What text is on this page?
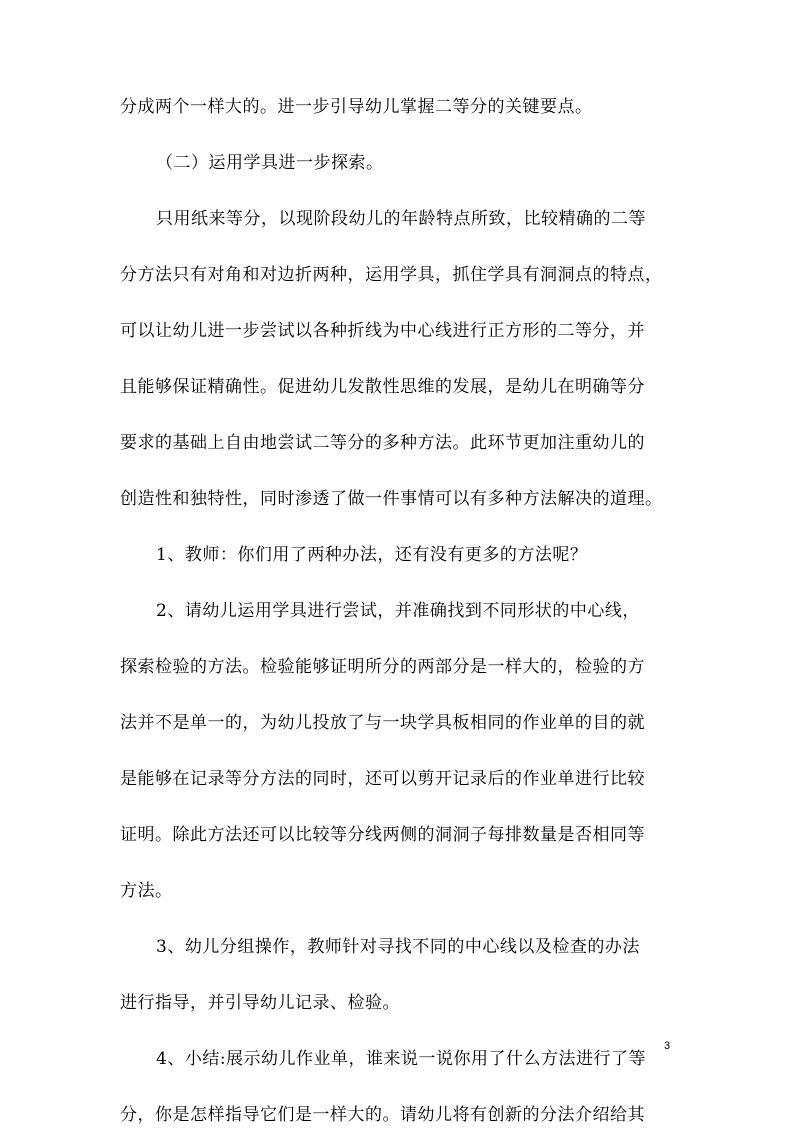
分成两个一样大的。进一步引导幼儿掌握二等分的关键要点。
（二）运用学具进一步探索。
只用纸来等分，以现阶段幼儿的年龄特点所致，比较精确的二等
分方法只有对角和对边折两种，运用学具，抓住学具有洞洞点的特点，
可以让幼儿进一步尝试以各种折线为中心线进行正方形的二等分，并
且能够保证精确性。促进幼儿发散性思维的发展，是幼儿在明确等分
要求的基础上自由地尝试二等分的多种方法。此环节更加注重幼儿的
创造性和独特性，同时渗透了做一件事情可以有多种方法解决的道理。
1、教师：你们用了两种办法，还有没有更多的方法呢？
2、请幼儿运用学具进行尝试，并准确找到不同形状的中心线，
探索检验的方法。检验能够证明所分的两部分是一样大的，检验的方
法并不是单一的，为幼儿投放了与一块学具板相同的作业单的目的就
是能够在记录等分方法的同时，还可以剪开记录后的作业单进行比较
证明。除此方法还可以比较等分线两侧的洞洞子每排数量是否相同等
方法。
3、幼儿分组操作，教师针对寻找不同的中心线以及检查的办法
进行指导，并引导幼儿记录、检验。
4、小结:展示幼儿作业单，谁来说一说你用了什么方法进行了等
分，你是怎样指导它们是一样大的。请幼儿将有创新的分法介绍给其
3
